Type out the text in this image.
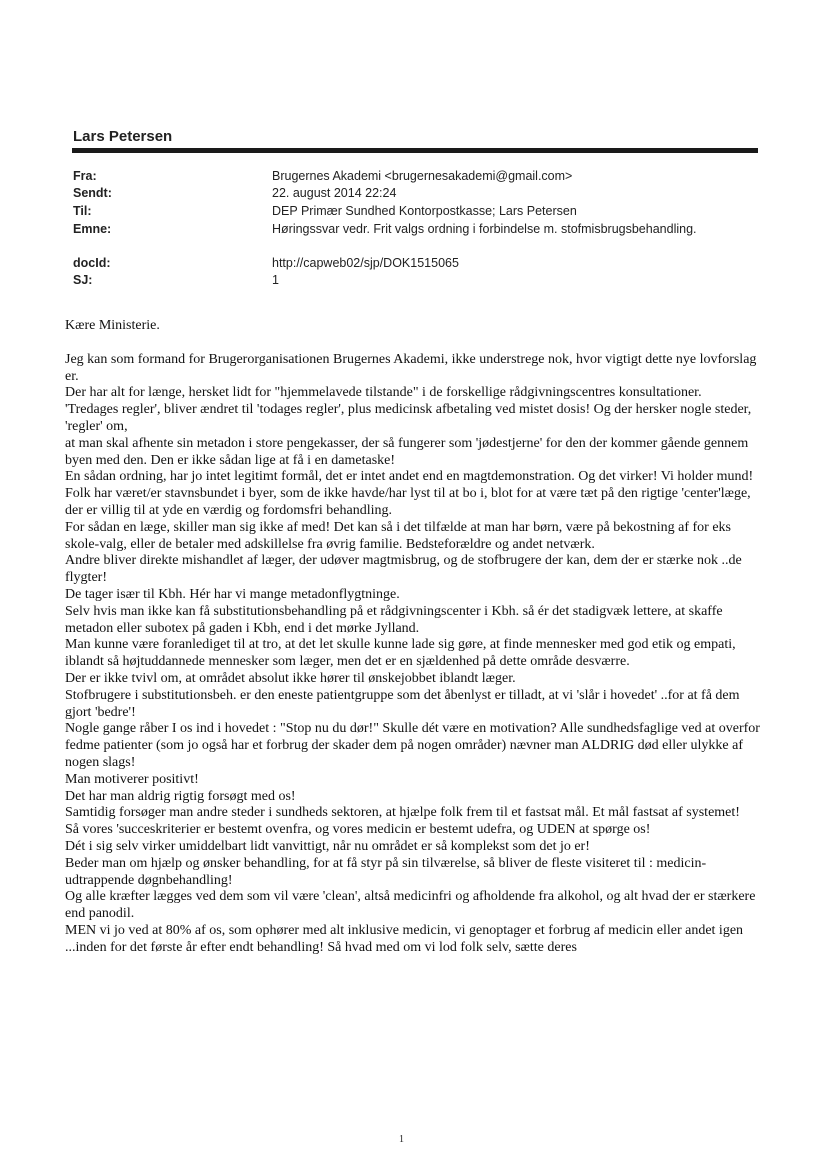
Lars Petersen
Fra:	Brugernes Akademi <brugernesakademi@gmail.com>
Sendt:	22. august 2014 22:24
Til:	DEP Primær Sundhed Kontorpostkasse; Lars Petersen
Emne:	Høringssvar vedr. Frit valgs ordning i forbindelse m. stofmisbrugsbehandling.
docId:	http://capweb02/sjp/DOK1515065
SJ:	1

Kære Ministerie.

Jeg kan som formand for Brugerorganisationen Brugernes Akademi, ikke understrege nok, hvor vigtigt dette nye lovforslag er.

Der har alt for længe, hersket lidt for "hjemmelavede tilstande" i de forskellige rådgivningscentres konsultationer.

'Tredages regler', bliver ændret til 'todages regler', plus medicinsk afbetaling ved mistet dosis! Og der hersker nogle steder, 'regler' om,

at man skal afhente sin metadon i store pengekasser, der så fungerer som 'jødestjerne' for den der kommer gående gennem byen med den. Den er ikke sådan lige at få i en dametaske!

En sådan ordning, har jo intet legitimt formål, det er intet andet end en magtdemonstration. Og det virker! Vi holder mund!

Folk har været/er stavnsbundet i byer, som de ikke havde/har lyst til at bo i, blot for at være tæt på den rigtige 'center'læge, der er villig til at yde en værdig og fordomsfri behandling.

For sådan en læge, skiller man sig ikke af med! Det kan så i det tilfælde at man har børn, være på bekostning af for eks skole-valg, eller de betaler med adskillelse fra øvrig familie. Bedsteforældre og andet netværk.

Andre bliver direkte mishandlet af læger, der udøver magtmisbrug, og de stofbrugere der kan, dem der er stærke nok ..de flygter!

De tager især til Kbh. Hér har vi mange metadonflygtninge.

Selv hvis man ikke kan få substitutionsbehandling på et rådgivningscenter i Kbh. så ér det stadigvæk lettere, at skaffe metadon eller subotex på gaden i Kbh, end i det mørke Jylland.

Man kunne være foranlediget til at tro, at det let skulle kunne lade sig gøre, at finde mennesker med god etik og empati, iblandt så højtuddannede mennesker som læger, men det er en sjældenhed på dette område desværre.

Der er ikke tvivl om, at området absolut ikke hører til ønskejobbet iblandt læger.

Stofbrugere i substitutionsbeh. er den eneste patientgruppe som det åbenlyst er tilladt, at vi 'slår i hovedet' ..for at få dem gjort 'bedre'!

Nogle gange råber I os ind i hovedet : "Stop nu du dør!" Skulle dét være en motivation? Alle sundhedsfaglige ved at overfor fedme patienter (som jo også har et forbrug der skader dem på nogen områder) nævner man ALDRIG død eller ulykke af nogen slags!

Man motiverer positivt!

Det har man aldrig rigtig forsøgt med os!

Samtidig forsøger man andre steder i sundheds sektoren, at hjælpe folk frem til et fastsat mål. Et mål fastsat af systemet!

Så vores 'succeskriterier er bestemt ovenfra, og vores medicin er bestemt udefra, og UDEN at spørge os!

Dét i sig selv virker umiddelbart lidt vanvittigt, når nu området er så komplekst som det jo er!

Beder man om hjælp og ønsker behandling, for at få styr på sin tilværelse, så bliver de fleste visiteret til : medicin-udtrappende døgnbehandling!

Og alle kræfter lægges ved dem som vil være 'clean', altså medicinfri og afholdende fra alkohol, og alt hvad der er stærkere end panodil.

MEN vi jo ved at 80% af os, som ophører med alt inklusive medicin, vi genoptager et forbrug af medicin eller andet igen ...inden for det første år efter endt behandling! Så hvad med om vi lod folk selv, sætte deres

1
